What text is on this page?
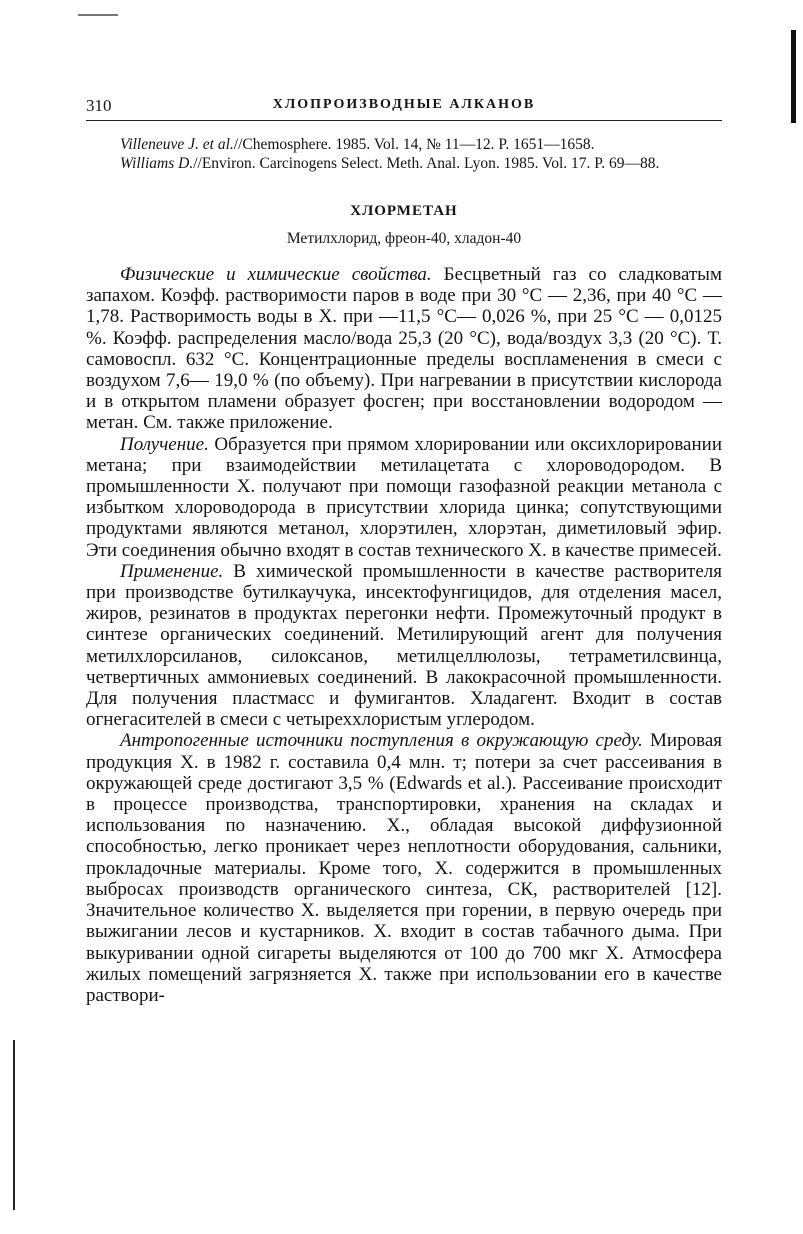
310	ХЛОПРОИЗВОДНЫЕ АЛКАНОВ
Villeneuve J. et al.//Chemosphere. 1985. Vol. 14, № 11—12. P. 1651—1658.
Williams D.//Environ. Carcinogens Select. Meth. Anal. Lyon. 1985. Vol. 17. P. 69—88.
ХЛОРМЕТАН
Метилхлорид, фреон-40, хладон-40

Физические и химические свойства. Бесцветный газ со сладковатым запахом. Коэфф. растворимости паров в воде при 30 °C — 2,36, при 40 °C — 1,78. Растворимость воды в Х. при —11,5 °C— 0,026 %, при 25 °C — 0,0125 %. Коэфф. распределения масло/вода 25,3 (20 °C), вода/воздух 3,3 (20 °C). Т. самовоспл. 632 °C. Концентрационные пределы воспламенения в смеси с воздухом 7,6— 19,0 % (по объему). При нагревании в присутствии кислорода и в открытом пламени образует фосген; при восстановлении водородом — метан. См. также приложение.

Получение. Образуется при прямом хлорировании или оксихлорировании метана; при взаимодействии метилацетата с хлороводородом. В промышленности Х. получают при помощи газофазной реакции метанола с избытком хлороводорода в присутствии хлорида цинка; сопутствующими продуктами являются метанол, хлорэтилен, хлорэтан, диметиловый эфир. Эти соединения обычно входят в состав технического Х. в качестве примесей.

Применение. В химической промышленности в качестве растворителя при производстве бутилкаучука, инсектофунгицидов, для отделения масел, жиров, резинатов в продуктах перегонки нефти. Промежуточный продукт в синтезе органических соединений. Метилирующий агент для получения метилхлорсиланов, силоксанов, метилцеллюлозы, тетраметилсвинца, четвертичных аммониевых соединений. В лакокрасочной промышленности. Для получения пластмасс и фумигантов. Хладагент. Входит в состав огнегасителей в смеси с четыреххлористым углеродом.

Антропогенные источники поступления в окружающую среду. Мировая продукция Х. в 1982 г. составила 0,4 млн. т; потери за счет рассеивания в окружающей среде достигают 3,5 % (Edwards et al.). Рассеивание происходит в процессе производства, транспортировки, хранения на складах и использования по назначению. Х., обладая высокой диффузионной способностью, легко проникает через неплотности оборудования, сальники, прокладочные материалы. Кроме того, Х. содержится в промышленных выбросах производств органического синтеза, СК, растворителей [12]. Значительное количество Х. выделяется при горении, в первую очередь при выжигании лесов и кустарников. Х. входит в состав табачного дыма. При выкуривании одной сигареты выделяются от 100 до 700 мкг Х. Атмосфера жилых помещений загрязняется Х. также при использовании его в качестве раствори-
